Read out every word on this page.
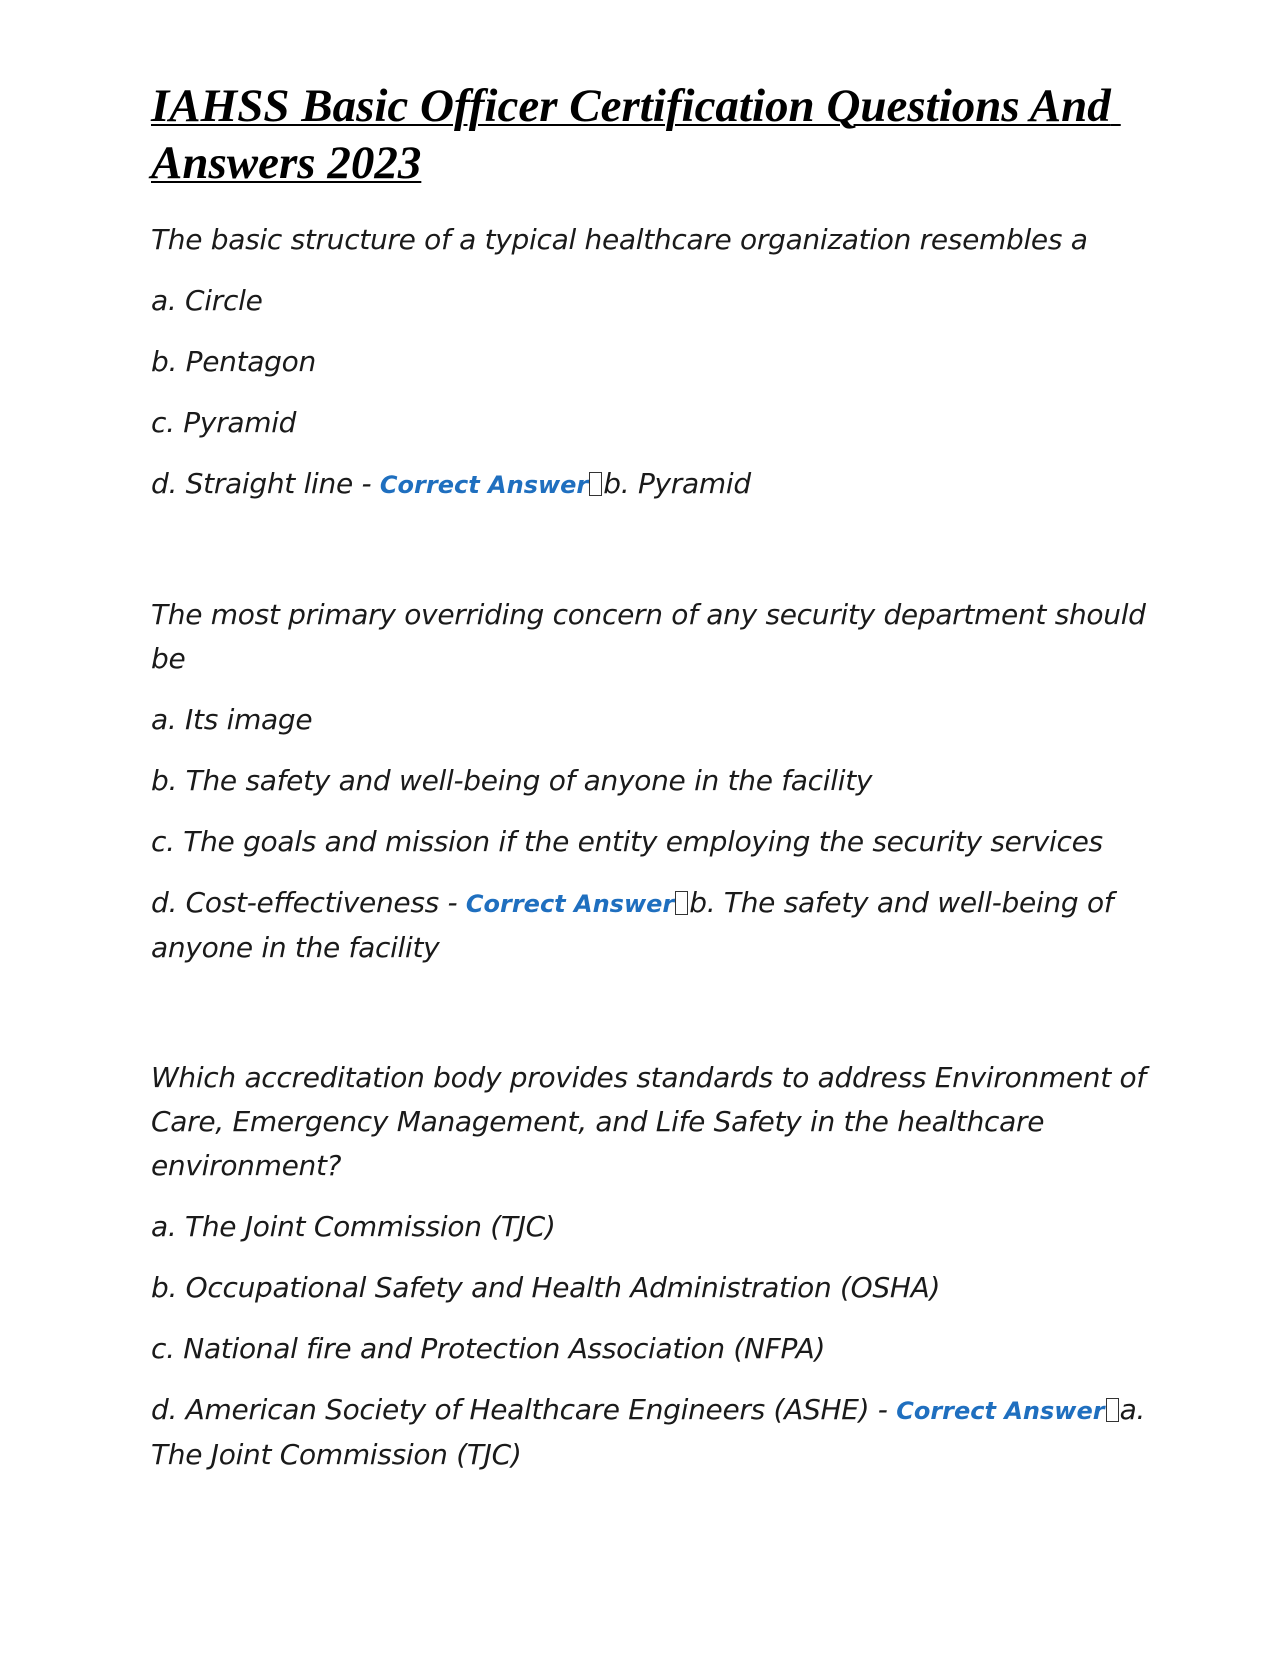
IAHSS Basic Officer Certification Questions And Answers 2023

The basic structure of a typical healthcare organization resembles a

a. Circle

b. Pentagon

c. Pyramid

d. Straight line - Correct Answer b. Pyramid

The most primary overriding concern of any security department should be

a. Its image

b. The safety and well-being of anyone in the facility

c. The goals and mission if the entity employing the security services

d. Cost-effectiveness - Correct Answer b. The safety and well-being of anyone in the facility

Which accreditation body provides standards to address Environment of Care, Emergency Management, and Life Safety in the healthcare environment?

a. The Joint Commission (TJC)

b. Occupational Safety and Health Administration (OSHA)

c. National fire and Protection Association (NFPA)

d. American Society of Healthcare Engineers (ASHE) - Correct Answer a. The Joint Commission (TJC)
